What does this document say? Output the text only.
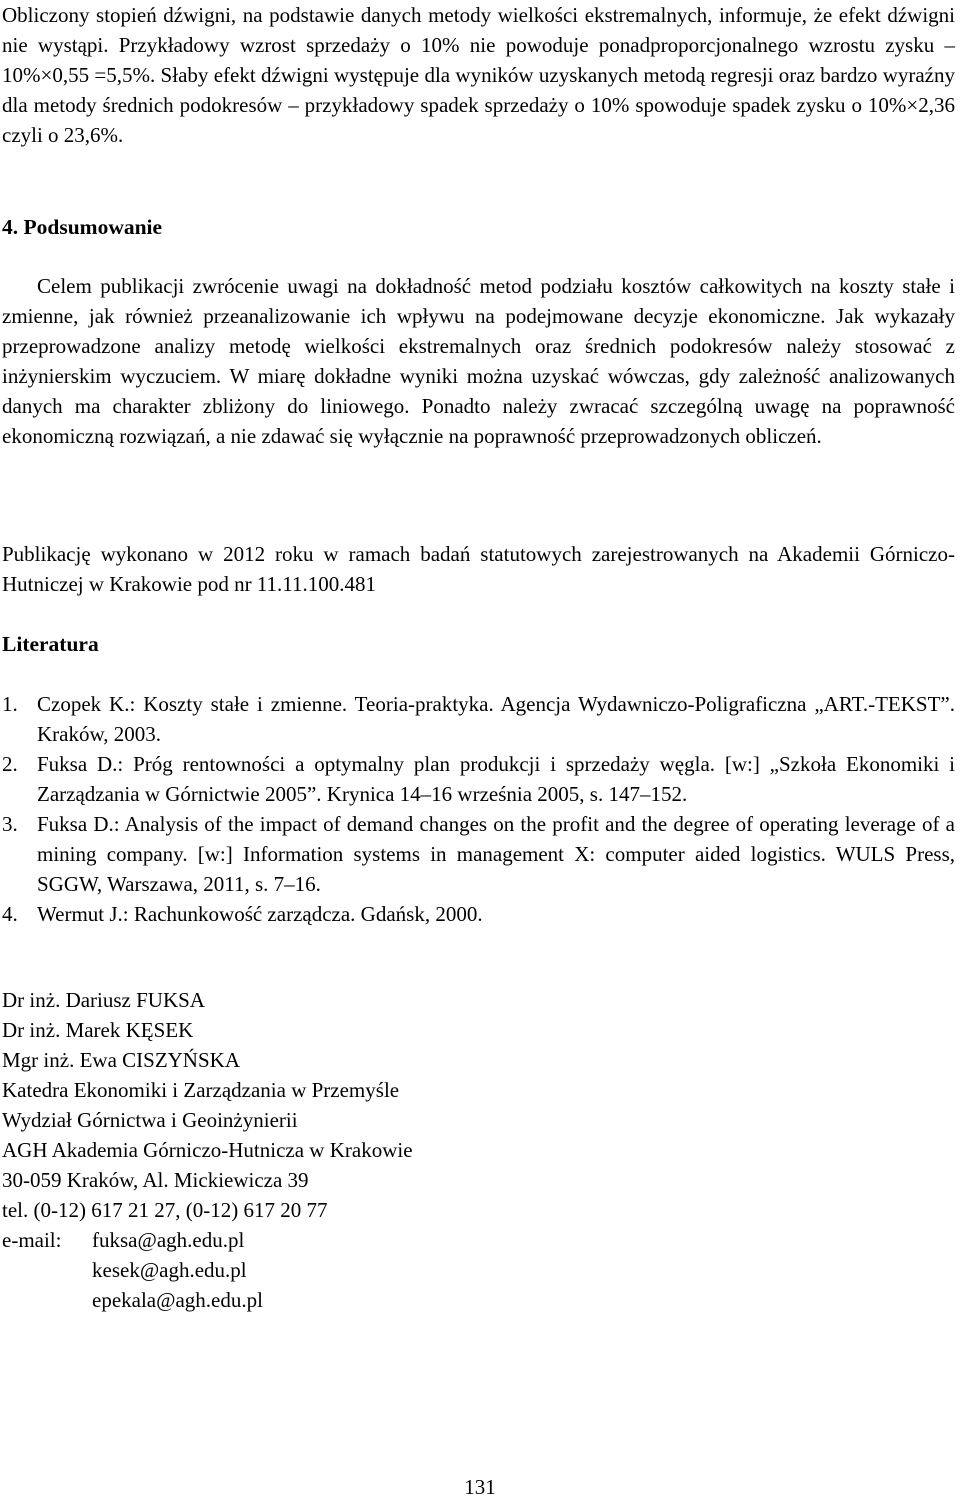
Obliczony stopień dźwigni, na podstawie danych metody wielkości ekstremalnych, informuje, że efekt dźwigni nie wystąpi. Przykładowy wzrost sprzedaży o 10% nie powoduje ponadproporcjonalnego wzrostu zysku – 10%×0,55 =5,5%. Słaby efekt dźwigni występuje dla wyników uzyskanych metodą regresji oraz bardzo wyraźny dla metody średnich podokresów – przykładowy spadek sprzedaży o 10% spowoduje spadek zysku o 10%×2,36 czyli o 23,6%.

4. Podsumowanie

Celem publikacji zwrócenie uwagi na dokładność metod podziału kosztów całkowitych na koszty stałe i zmienne, jak również przeanalizowanie ich wpływu na podejmowane decyzje ekonomiczne. Jak wykazały przeprowadzone analizy metodę wielkości ekstremalnych oraz średnich podokresów należy stosować z inżynierskim wyczuciem. W miarę dokładne wyniki można uzyskać wówczas, gdy zależność analizowanych danych ma charakter zbliżony do liniowego. Ponadto należy zwracać szczególną uwagę na poprawność ekonomiczną rozwiązań, a nie zdawać się wyłącznie na poprawność przeprowadzonych obliczeń.

Publikację wykonano w 2012 roku w ramach badań statutowych zarejestrowanych na Akademii Górniczo-Hutniczej w Krakowie pod nr 11.11.100.481

Literatura
1. Czopek K.: Koszty stałe i zmienne. Teoria-praktyka. Agencja Wydawniczo-Poligraficzna „ART.-TEKST”. Kraków, 2003.
2. Fuksa D.: Próg rentowności a optymalny plan produkcji i sprzedaży węgla. [w:] „Szkoła Ekonomiki i Zarządzania w Górnictwie 2005”. Krynica 14–16 września 2005, s. 147–152.
3. Fuksa D.: Analysis of the impact of demand changes on the profit and the degree of operating leverage of a mining company. [w:] Information systems in management X: computer aided logistics. WULS Press, SGGW, Warszawa, 2011, s. 7–16.
4. Wermut J.: Rachunkowość zarządcza. Gdańsk, 2000.
Dr inż. Dariusz FUKSA
Dr inż. Marek KĘSEK
Mgr inż. Ewa CISZYŃSKA
Katedra Ekonomiki i Zarządzania w Przemyśle
Wydział Górnictwa i Geoinżynierii
AGH Akademia Górniczo-Hutnicza w Krakowie
30-059 Kraków, Al. Mickiewicza 39
tel. (0-12) 617 21 27, (0-12) 617 20 77
e-mail:	fuksa@agh.edu.pl
kesek@agh.edu.pl
epekala@agh.edu.pl
131
